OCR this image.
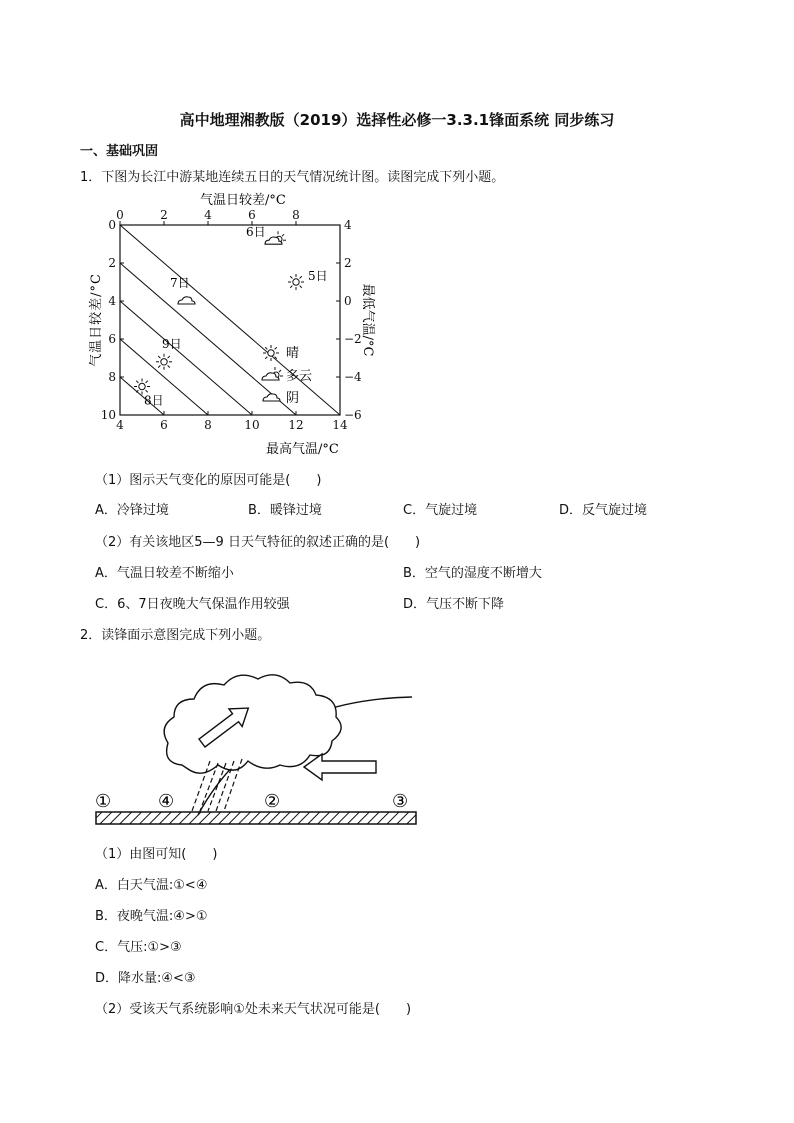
高中地理湘教版（2019）选择性必修一3.3.1锋面系统 同步练习
一、基础巩固
1．下图为长江中游某地连续五日的天气情况统计图。读图完成下列小题。
4	6	8	10 12 14
0
2
4
6
8
10
4
2
0
−2
−4
−6
0	2	4	6	8
气温日较差/°C
气温日较差/°C	最低气温/°C
最高气温/°C
5日
6日
7日
8日
9日
晴
多云
阴
（1）图示天气变化的原因可能是(　　)
A．冷锋过境	B．暖锋过境	C．气旋过境	D．反气旋过境
（2）有关该地区5—9 日天气特征的叙述正确的是(　　)
A．气温日较差不断缩小	B．空气的湿度不断增大
C．6、7日夜晚大气保温作用较强	D．气压不断下降
2．读锋面示意图完成下列小题。
①	④	②	③
（1）由图可知(　　)
A．白天气温:①<④
B．夜晚气温:④>①
C．气压:①>③
D．降水量:④<③
（2）受该天气系统影响①处未来天气状况可能是(　　)
